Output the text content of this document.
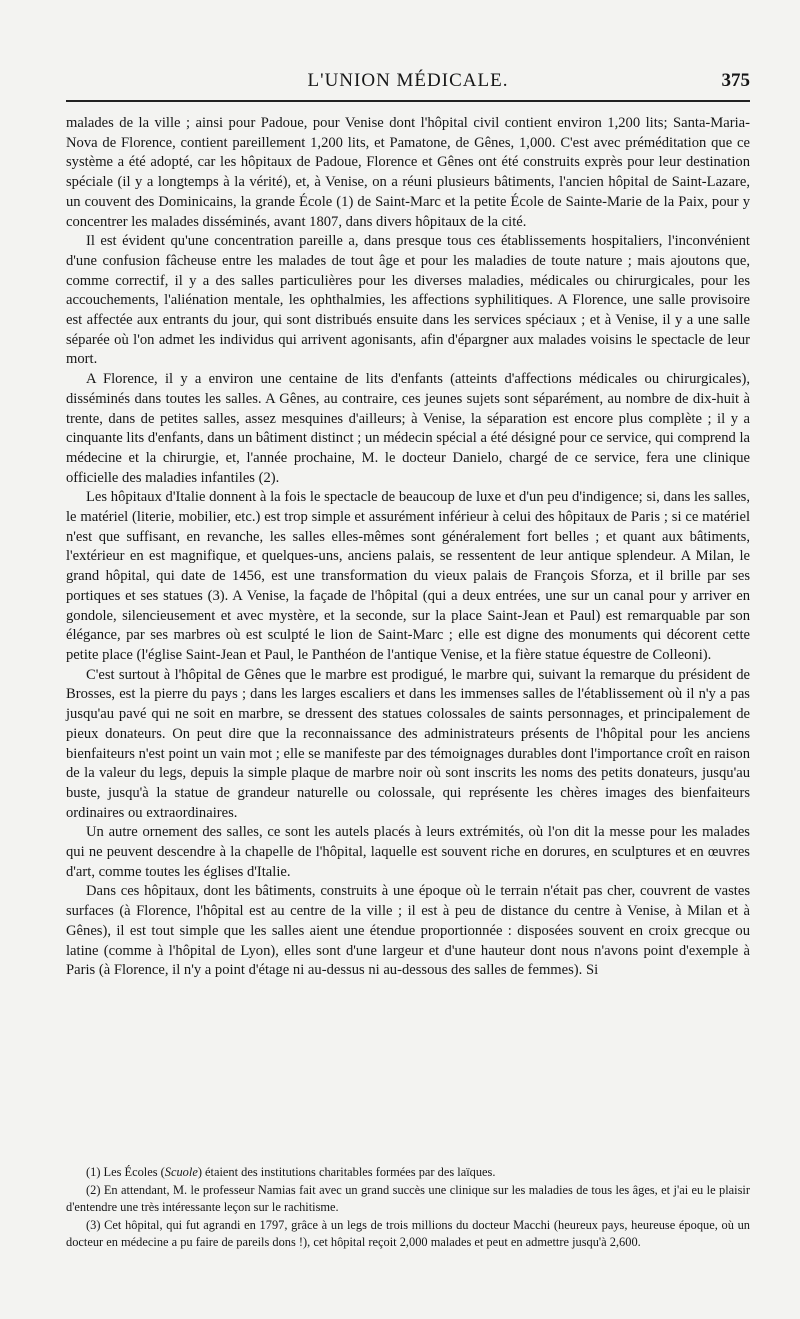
L'UNION MÉDICALE.	375

malades de la ville ; ainsi pour Padoue, pour Venise dont l'hôpital civil contient environ 1,200 lits; Santa-Maria-Nova de Florence, contient pareillement 1,200 lits, et Pamatone, de Gênes, 1,000. C'est avec préméditation que ce système a été adopté, car les hôpitaux de Padoue, Florence et Gênes ont été construits exprès pour leur destination spéciale (il y a longtemps à la vérité), et, à Venise, on a réuni plusieurs bâtiments, l'ancien hôpital de Saint-Lazare, un couvent des Dominicains, la grande École (1) de Saint-Marc et la petite École de Sainte-Marie de la Paix, pour y concentrer les malades disséminés, avant 1807, dans divers hôpitaux de la cité.

Il est évident qu'une concentration pareille a, dans presque tous ces établissements hospitaliers, l'inconvénient d'une confusion fâcheuse entre les malades de tout âge et pour les maladies de toute nature ; mais ajoutons que, comme correctif, il y a des salles particulières pour les diverses maladies, médicales ou chirurgicales, pour les accouchements, l'aliénation mentale, les ophthalmies, les affections syphilitiques. A Florence, une salle provisoire est affectée aux entrants du jour, qui sont distribués ensuite dans les services spéciaux ; et à Venise, il y a une salle séparée où l'on admet les individus qui arrivent agonisants, afin d'épargner aux malades voisins le spectacle de leur mort.

A Florence, il y a environ une centaine de lits d'enfants (atteints d'affections médicales ou chirurgicales), disséminés dans toutes les salles. A Gênes, au contraire, ces jeunes sujets sont séparément, au nombre de dix-huit à trente, dans de petites salles, assez mesquines d'ailleurs; à Venise, la séparation est encore plus complète ; il y a cinquante lits d'enfants, dans un bâtiment distinct ; un médecin spécial a été désigné pour ce service, qui comprend la médecine et la chirurgie, et, l'année prochaine, M. le docteur Danielo, chargé de ce service, fera une clinique officielle des maladies infantiles (2).

Les hôpitaux d'Italie donnent à la fois le spectacle de beaucoup de luxe et d'un peu d'indigence; si, dans les salles, le matériel (literie, mobilier, etc.) est trop simple et assurément inférieur à celui des hôpitaux de Paris ; si ce matériel n'est que suffisant, en revanche, les salles elles-mêmes sont généralement fort belles ; et quant aux bâtiments, l'extérieur en est magnifique, et quelques-uns, anciens palais, se ressentent de leur antique splendeur. A Milan, le grand hôpital, qui date de 1456, est une transformation du vieux palais de François Sforza, et il brille par ses portiques et ses statues (3). A Venise, la façade de l'hôpital (qui a deux entrées, une sur un canal pour y arriver en gondole, silencieusement et avec mystère, et la seconde, sur la place Saint-Jean et Paul) est remarquable par son élégance, par ses marbres où est sculpté le lion de Saint-Marc ; elle est digne des monuments qui décorent cette petite place (l'église Saint-Jean et Paul, le Panthéon de l'antique Venise, et la fière statue équestre de Colleoni).

C'est surtout à l'hôpital de Gênes que le marbre est prodigué, le marbre qui, suivant la remarque du président de Brosses, est la pierre du pays ; dans les larges escaliers et dans les immenses salles de l'établissement où il n'y a pas jusqu'au pavé qui ne soit en marbre, se dressent des statues colossales de saints personnages, et principalement de pieux donateurs. On peut dire que la reconnaissance des administrateurs présents de l'hôpital pour les anciens bienfaiteurs n'est point un vain mot ; elle se manifeste par des témoignages durables dont l'importance croît en raison de la valeur du legs, depuis la simple plaque de marbre noir où sont inscrits les noms des petits donateurs, jusqu'au buste, jusqu'à la statue de grandeur naturelle ou colossale, qui représente les chères images des bienfaiteurs ordinaires ou extraordinaires.

Un autre ornement des salles, ce sont les autels placés à leurs extrémités, où l'on dit la messe pour les malades qui ne peuvent descendre à la chapelle de l'hôpital, laquelle est souvent riche en dorures, en sculptures et en œuvres d'art, comme toutes les églises d'Italie.

Dans ces hôpitaux, dont les bâtiments, construits à une époque où le terrain n'était pas cher, couvrent de vastes surfaces (à Florence, l'hôpital est au centre de la ville ; il est à peu de distance du centre à Venise, à Milan et à Gênes), il est tout simple que les salles aient une étendue proportionnée : disposées souvent en croix grecque ou latine (comme à l'hôpital de Lyon), elles sont d'une largeur et d'une hauteur dont nous n'avons point d'exemple à Paris (à Florence, il n'y a point d'étage ni au-dessus ni au-dessous des salles de femmes). Si

(1) Les Écoles (Scuole) étaient des institutions charitables formées par des laïques.

(2) En attendant, M. le professeur Namias fait avec un grand succès une clinique sur les maladies de tous les âges, et j'ai eu le plaisir d'entendre une très intéressante leçon sur le rachitisme.

(3) Cet hôpital, qui fut agrandi en 1797, grâce à un legs de trois millions du docteur Macchi (heureux pays, heureuse époque, où un docteur en médecine a pu faire de pareils dons !), cet hôpital reçoit 2,000 malades et peut en admettre jusqu'à 2,600.
